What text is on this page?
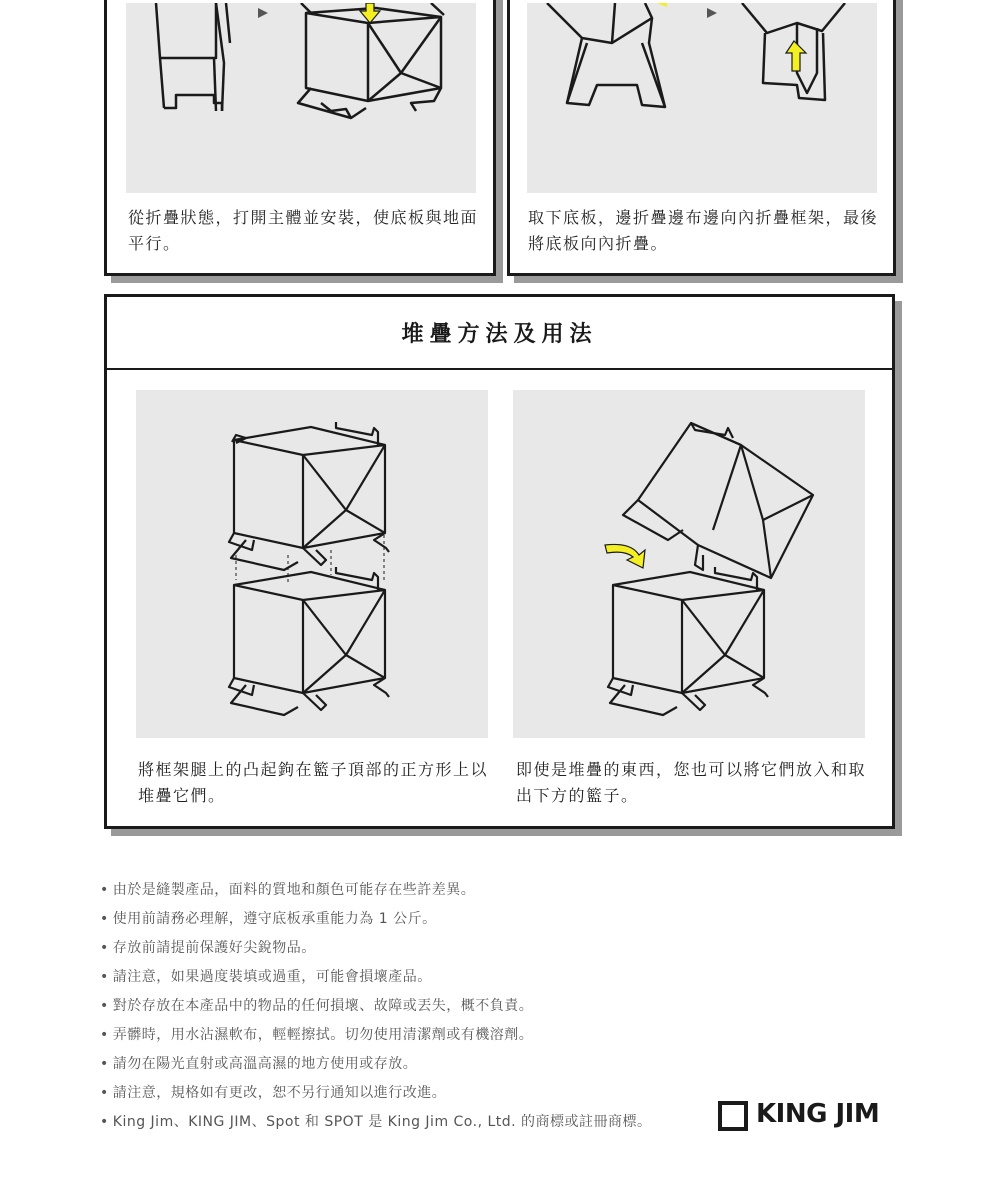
從折疊狀態，打開主體並安裝，使底板與地面
平行。
取下底板，邊折疊邊布邊向內折疊框架，最後
將底板向內折疊。
堆疊方法及用法
將框架腿上的凸起鉤在籃子頂部的正方形上以
堆疊它們。
即使是堆疊的東西，您也可以將它們放入和取
出下方的籃子。
• 由於是縫製產品，面料的質地和顏色可能存在些許差異。
• 使用前請務必理解，遵守底板承重能力為 1 公斤。
• 存放前請提前保護好尖銳物品。
• 請注意，如果過度裝填或過重，可能會損壞產品。
• 對於存放在本產品中的物品的任何損壞、故障或丟失，概不負責。
• 弄髒時，用水沾濕軟布，輕輕擦拭。切勿使用清潔劑或有機溶劑。
• 請勿在陽光直射或高溫高濕的地方使用或存放。
• 請注意，規格如有更改，恕不另行通知以進行改進。
• King Jim、KING JIM、Spot 和 SPOT 是 King Jim Co., Ltd. 的商標或註冊商標。	KING JIM
